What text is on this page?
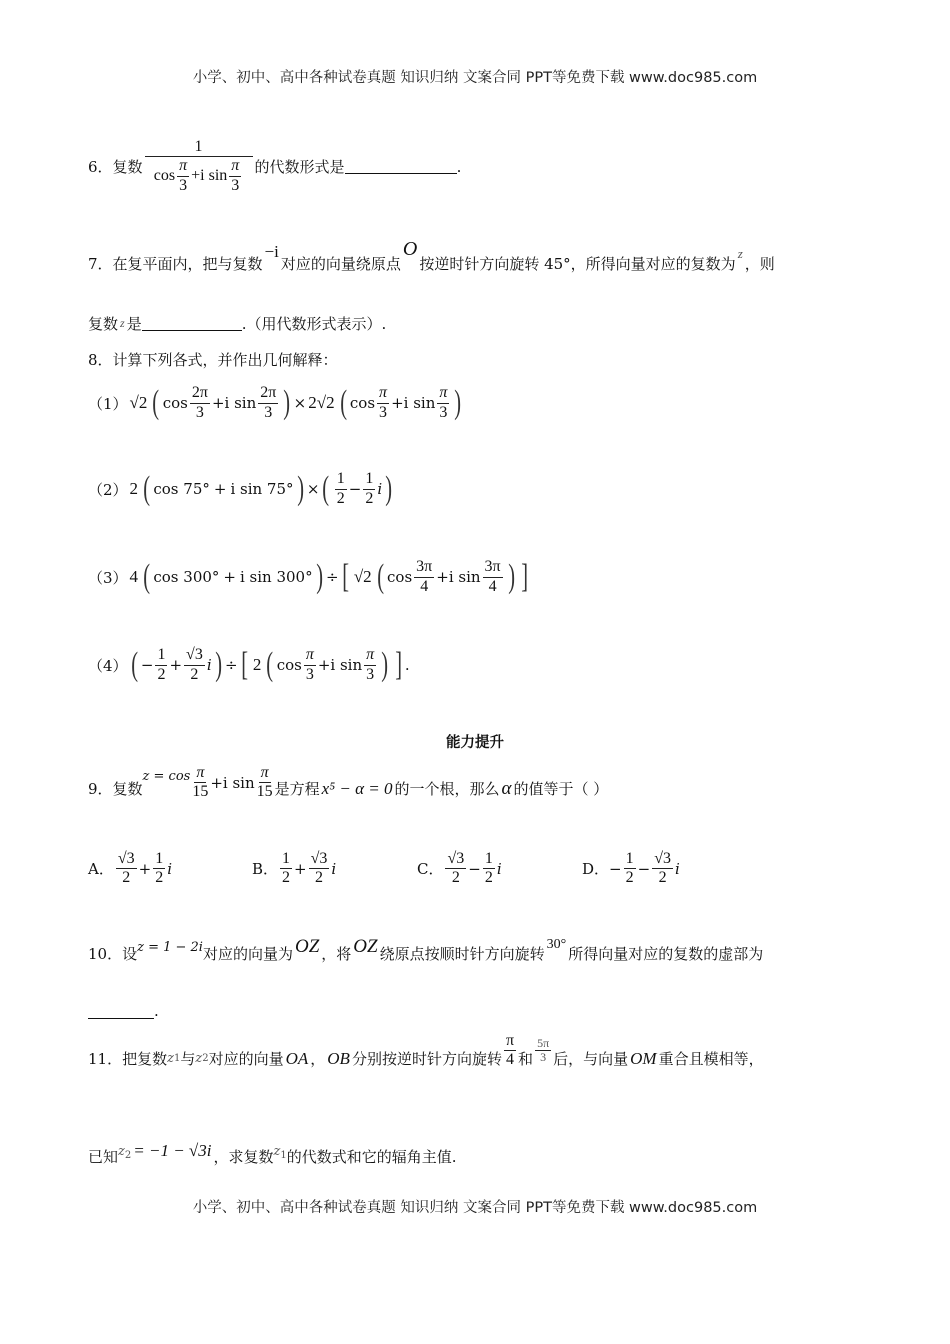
小学、初中、高中各种试卷真题 知识归纳 文案合同 PPT等免费下载 www.doc985.com
6．复数 $\frac{1}{\cos \frac{\pi}{3} + i \sin \frac{\pi}{3}}$ 的代数形式是	.
7．在复平面内，把与复数
−i
对应的向量绕原点
O
按逆时针方向旋转 45°，所得向量对应的复数为
z
，则
复数 z 是	.（用代数形式表示）.
8．计算下列各式，并作出几何解释：
（1） √2 ( $\cos \frac{2\pi}{3} + i$ $\sin \frac{2\pi}{3}$ ) × 2√2 ( $\cos \frac{\pi}{3} + i$ $\sin \frac{\pi}{3}$ )
（2） 2 ( cos 75° + i sin 75° ) × ( $\frac{1}{2} - \frac{1}{2}$ i )
（3） 4 ( cos 300° + i sin 300° ) ÷ [ √2 ( $\cos \frac{3\pi}{4} + i$ $\sin \frac{3\pi}{4}$ ) ]
（4） ( − $\frac{1}{2} + \frac{√3}{2}$ i ) ÷ [ 2 ( $\cos \frac{\pi}{3} + i$ $\sin \frac{\pi}{3}$ ) ] .
能力提升
9．复数
$z = \cos \frac{\pi}{15} + i$ $\sin \frac{\pi}{15}$ 是方程 x⁵ − α = 0 的一个根，那么 α 的值等于（ ）
A． $\frac{√3}{2} + \frac{1}{2}$ i	B． $\frac{1}{2} + \frac{√3}{2}$ i	C． $\frac{√3}{2} - \frac{1}{2}$ i	D． − $\frac{1}{2} - \frac{√3}{2}$ i
10．设 z = 1 − 2i 对应的向量为 OZ ，将 OZ 绕原点按顺时针方向旋转 30° 所得向量对应的复数的虚部为
.
11．把复数 z 1 与 z 2 对应的向量 OA ， OB 分别按逆时针方向旋转 $\frac{\pi}{4}$ 和 $\frac{5\pi}{3}$ 后，与向量 OM 重合且模相等，
已知 $z_2 = -1 - √3i$ ，求复数 $z_1$ 的代数式和它的辐角主值.
小学、初中、高中各种试卷真题 知识归纳 文案合同 PPT等免费下载 www.doc985.com
